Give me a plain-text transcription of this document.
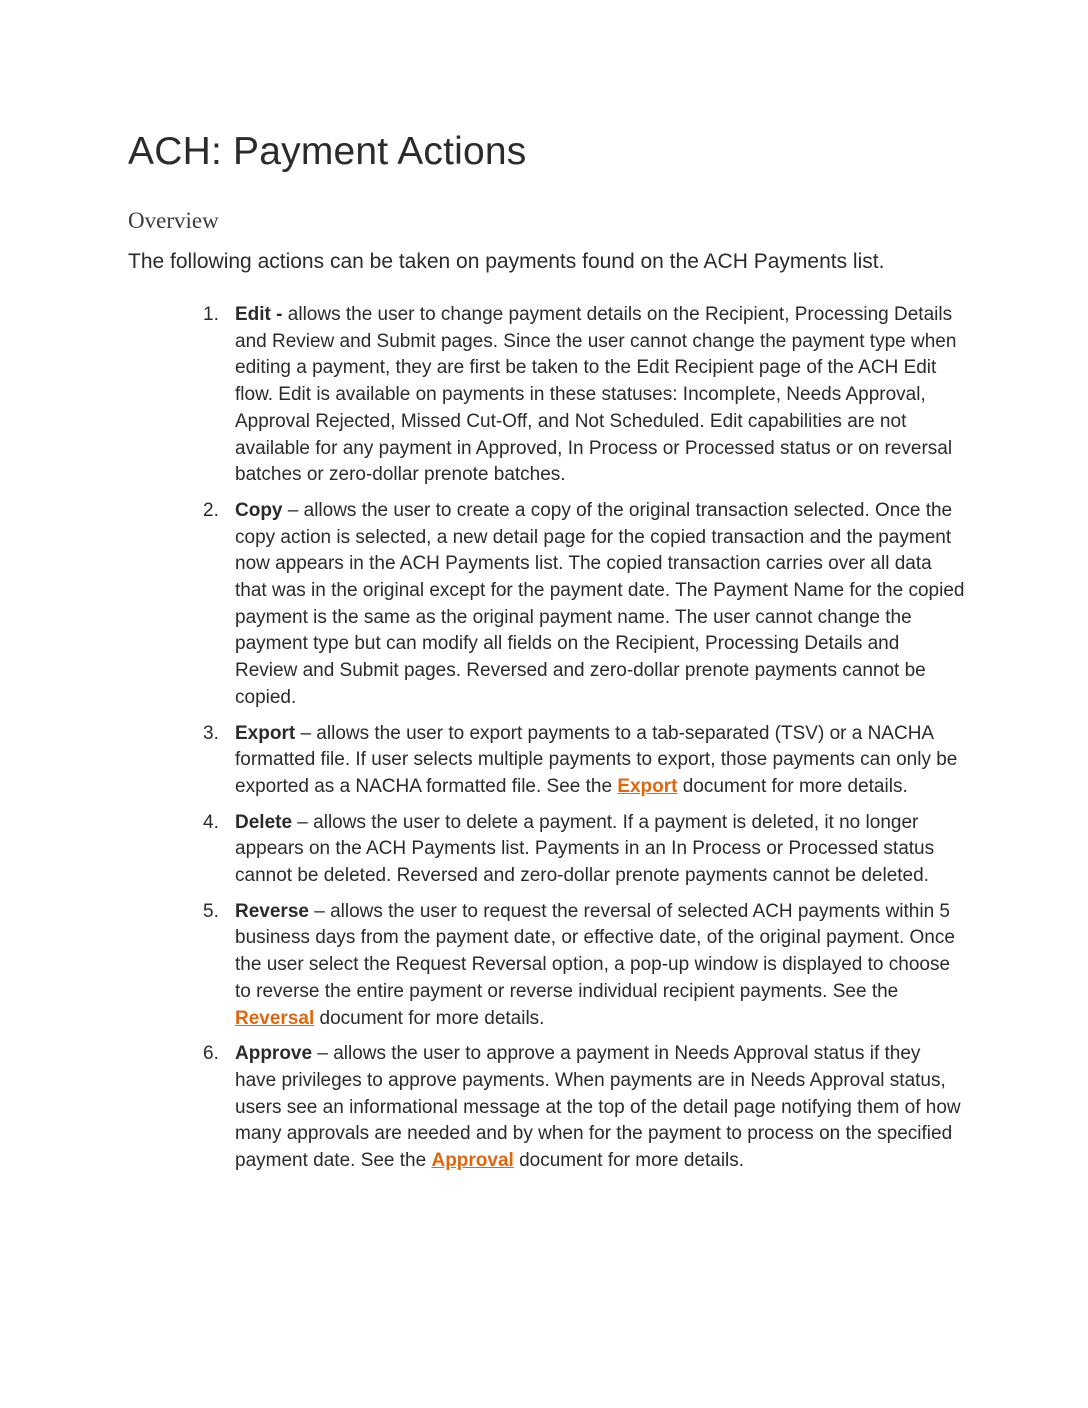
ACH: Payment Actions
Overview

The following actions can be taken on payments found on the ACH Payments list.

1. Edit - allows the user to change payment details on the Recipient, Processing Details and Review and Submit pages. Since the user cannot change the payment type when editing a payment, they are first be taken to the Edit Recipient page of the ACH Edit flow. Edit is available on payments in these statuses: Incomplete, Needs Approval, Approval Rejected, Missed Cut-Off, and Not Scheduled. Edit capabilities are not available for any payment in Approved, In Process or Processed status or on reversal batches or zero-dollar prenote batches.
2. Copy – allows the user to create a copy of the original transaction selected. Once the copy action is selected, a new detail page for the copied transaction and the payment now appears in the ACH Payments list. The copied transaction carries over all data that was in the original except for the payment date. The Payment Name for the copied payment is the same as the original payment name. The user cannot change the payment type but can modify all fields on the Recipient, Processing Details and Review and Submit pages. Reversed and zero-dollar prenote payments cannot be copied.
3. Export – allows the user to export payments to a tab-separated (TSV) or a NACHA formatted file. If user selects multiple payments to export, those payments can only be exported as a NACHA formatted file. See the Export document for more details.
4. Delete – allows the user to delete a payment. If a payment is deleted, it no longer appears on the ACH Payments list. Payments in an In Process or Processed status cannot be deleted. Reversed and zero-dollar prenote payments cannot be deleted.
5. Reverse – allows the user to request the reversal of selected ACH payments within 5 business days from the payment date, or effective date, of the original payment. Once the user select the Request Reversal option, a pop-up window is displayed to choose to reverse the entire payment or reverse individual recipient payments. See the Reversal document for more details.
6. Approve – allows the user to approve a payment in Needs Approval status if they have privileges to approve payments. When payments are in Needs Approval status, users see an informational message at the top of the detail page notifying them of how many approvals are needed and by when for the payment to process on the specified payment date. See the Approval document for more details.
